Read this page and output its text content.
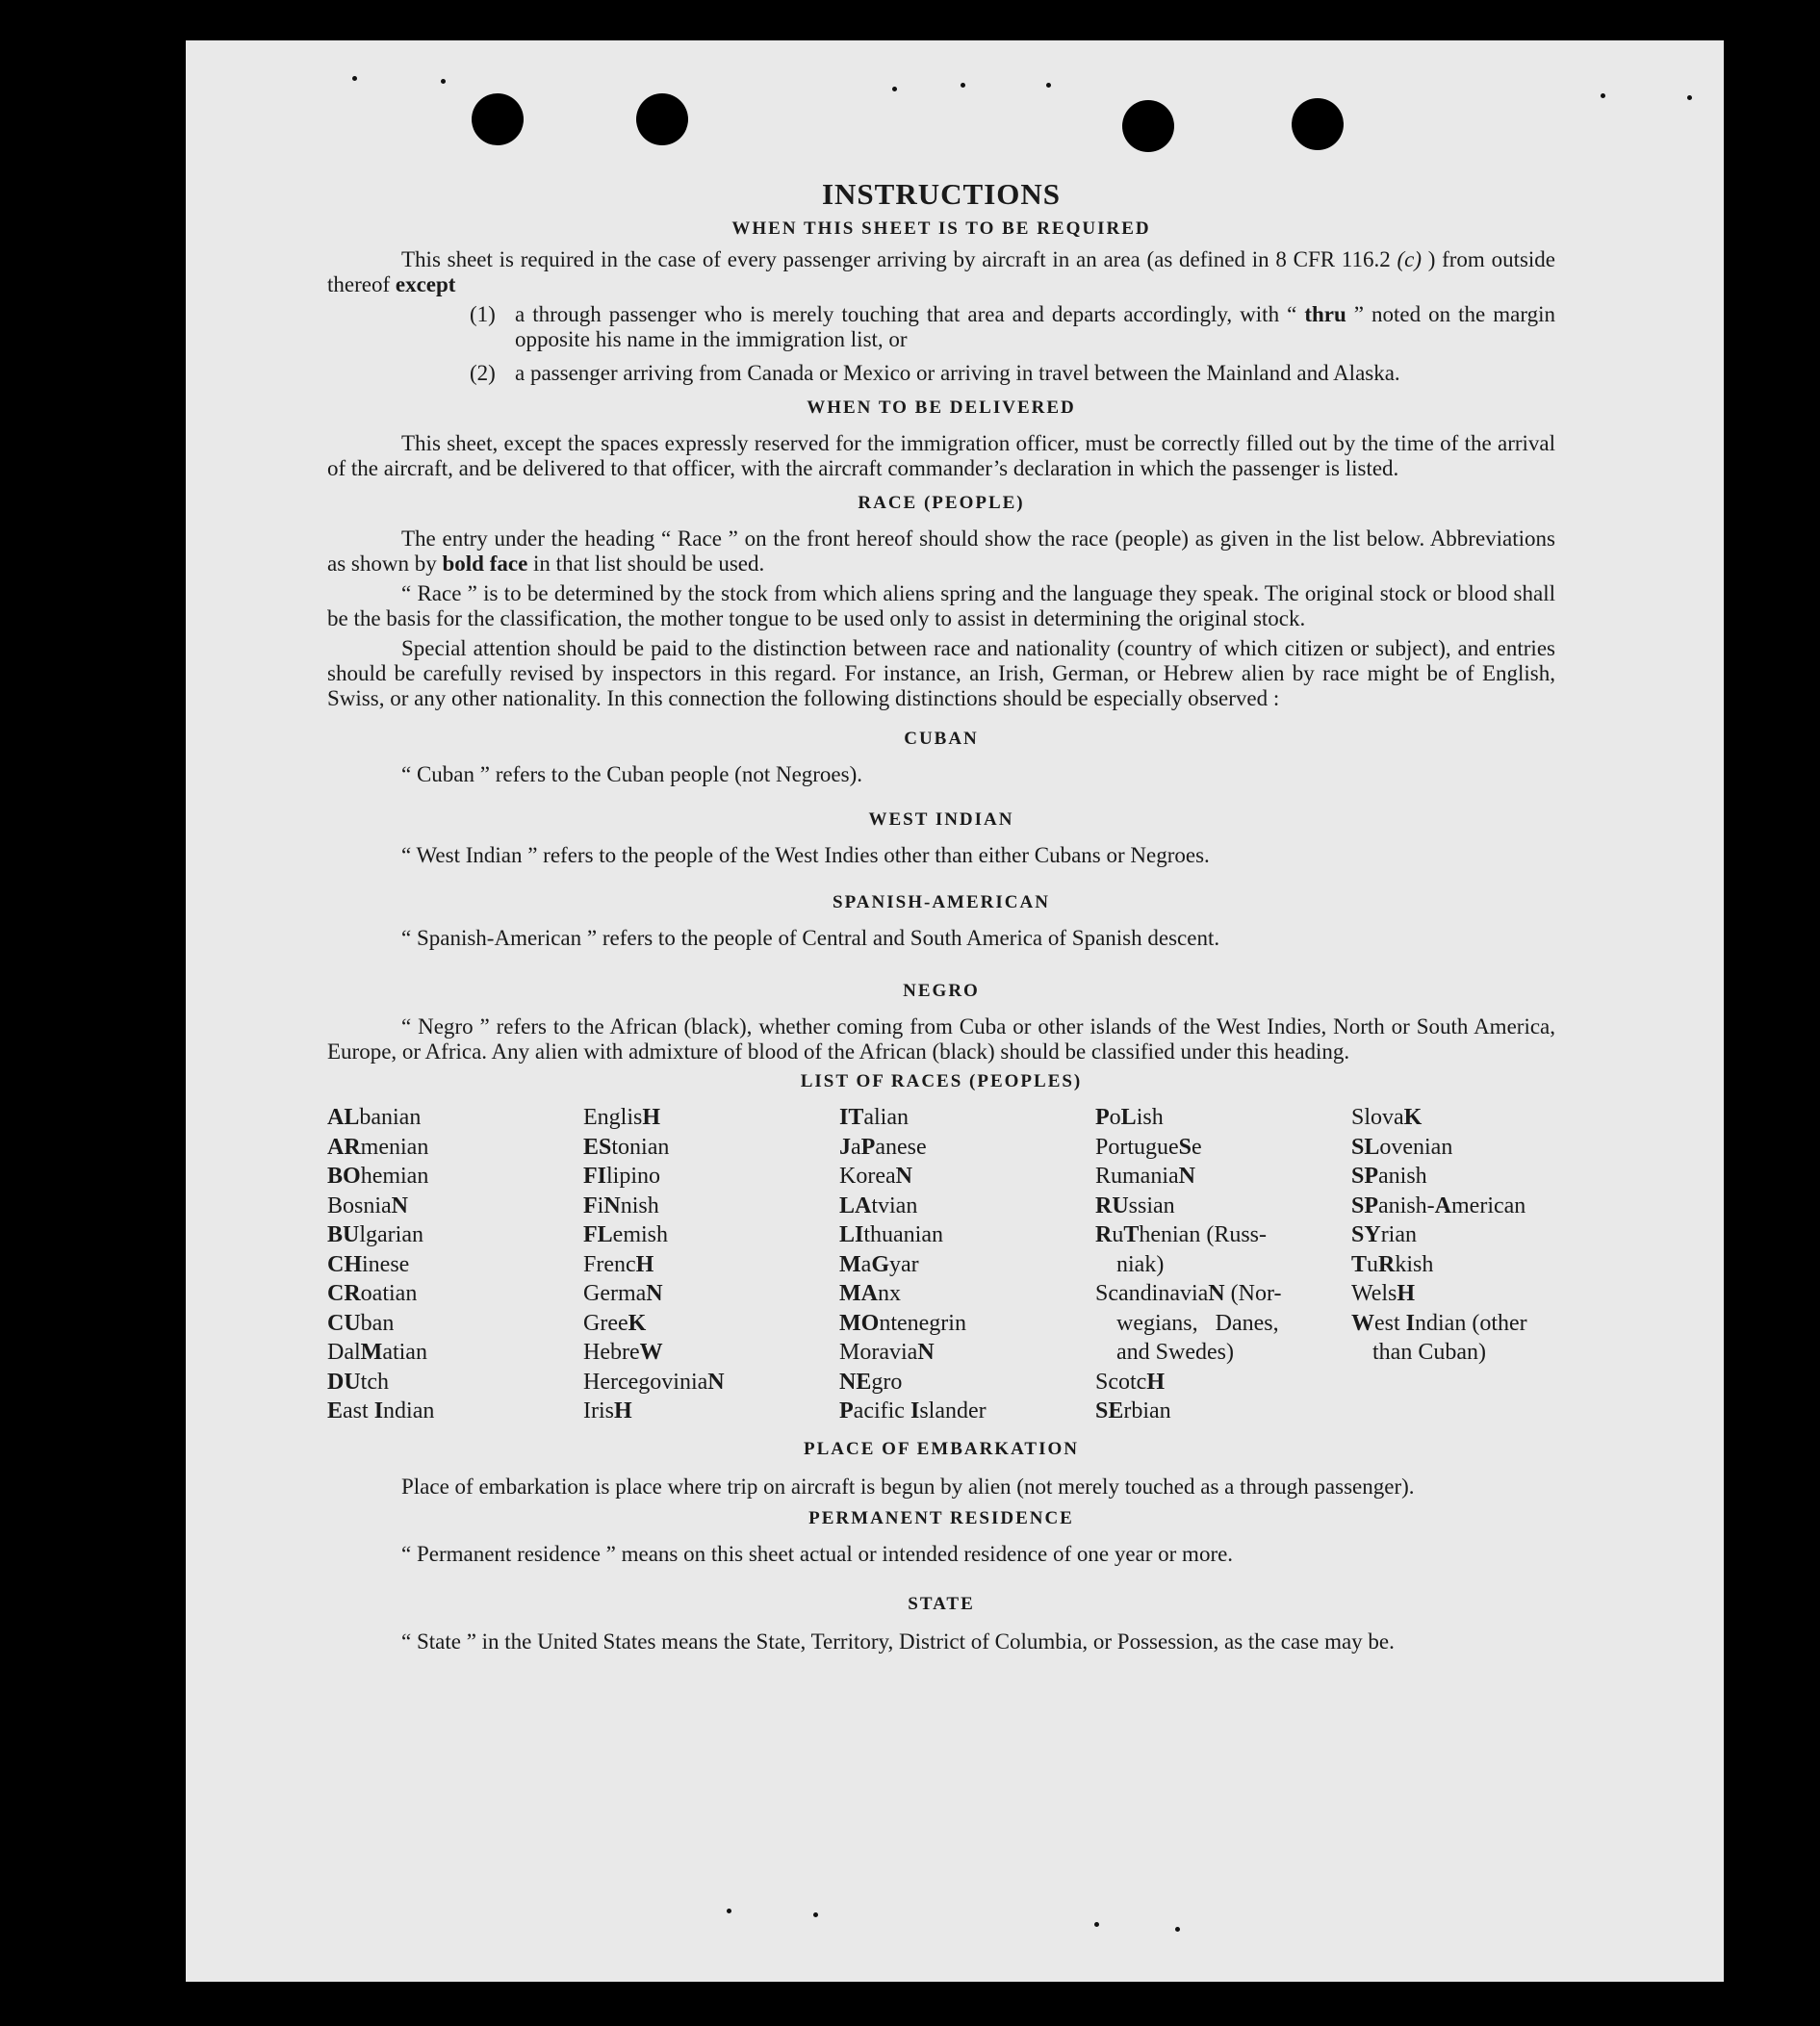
INSTRUCTIONS
WHEN THIS SHEET IS TO BE REQUIRED

This sheet is required in the case of every passenger arriving by aircraft in an area (as defined in 8 CFR 116.2 (c) ) from outside thereof except

(1) a through passenger who is merely touching that area and departs accordingly, with “ thru ” noted on the margin opposite his name in the immigration list, or
(2) a passenger arriving from Canada or Mexico or arriving in travel between the Mainland and Alaska.
WHEN TO BE DELIVERED

This sheet, except the spaces expressly reserved for the immigration officer, must be correctly filled out by the time of the arrival of the aircraft, and be delivered to that officer, with the aircraft commander’s declaration in which the passenger is listed.

RACE (PEOPLE)

The entry under the heading “ Race ” on the front hereof should show the race (people) as given in the list below. Abbreviations as shown by bold face in that list should be used.

“ Race ” is to be determined by the stock from which aliens spring and the language they speak. The original stock or blood shall be the basis for the classification, the mother tongue to be used only to assist in determining the original stock.

Special attention should be paid to the distinction between race and nationality (country of which citizen or subject), and entries should be carefully revised by inspectors in this regard. For instance, an Irish, German, or Hebrew alien by race might be of English, Swiss, or any other nationality. In this connection the following distinctions should be especially observed :

CUBAN

“ Cuban ” refers to the Cuban people (not Negroes).

WEST INDIAN

“ West Indian ” refers to the people of the West Indies other than either Cubans or Negroes.

SPANISH-AMERICAN

“ Spanish-American ” refers to the people of Central and South America of Spanish descent.

NEGRO

“ Negro ” refers to the African (black), whether coming from Cuba or other islands of the West Indies, North or South America, Europe, or Africa. Any alien with admixture of blood of the African (black) should be classified under this heading.

LIST OF RACES (PEOPLES)
ALbanian
ARmenian
BOhemian
BosniaN
BUlgarian
CHinese
CRoatian
CUban
DalMatian
DUtch
East Indian
EnglisH
EStonian
FIlipino
FiNnish
FLemish
FrencH
GermaN
GreeK
HebreW
HercegoviniaN
IrisH
ITalian
JaPanese
KoreaN
LAtvian
LIthuanian
MaGyar
MAnx
MOntenegrin
MoraviaN
NEgro
Pacific Islander
PoLish
PortugueSe
RumaniaN
RUssian
RuThenian (Russ-
niak)
ScandinaviaN (Nor-
wegians,   Danes,
and Swedes)
ScotcH
SErbian
SlovaK
SLovenian
SPanish
SPanish-American
SYrian
TuRkish
WelsH
West Indian (other
than Cuban)
PLACE OF EMBARKATION

Place of embarkation is place where trip on aircraft is begun by alien (not merely touched as a through passenger).

PERMANENT RESIDENCE

“ Permanent residence ” means on this sheet actual or intended residence of one year or more.

STATE

“ State ” in the United States means the State, Territory, District of Columbia, or Possession, as the case may be.
